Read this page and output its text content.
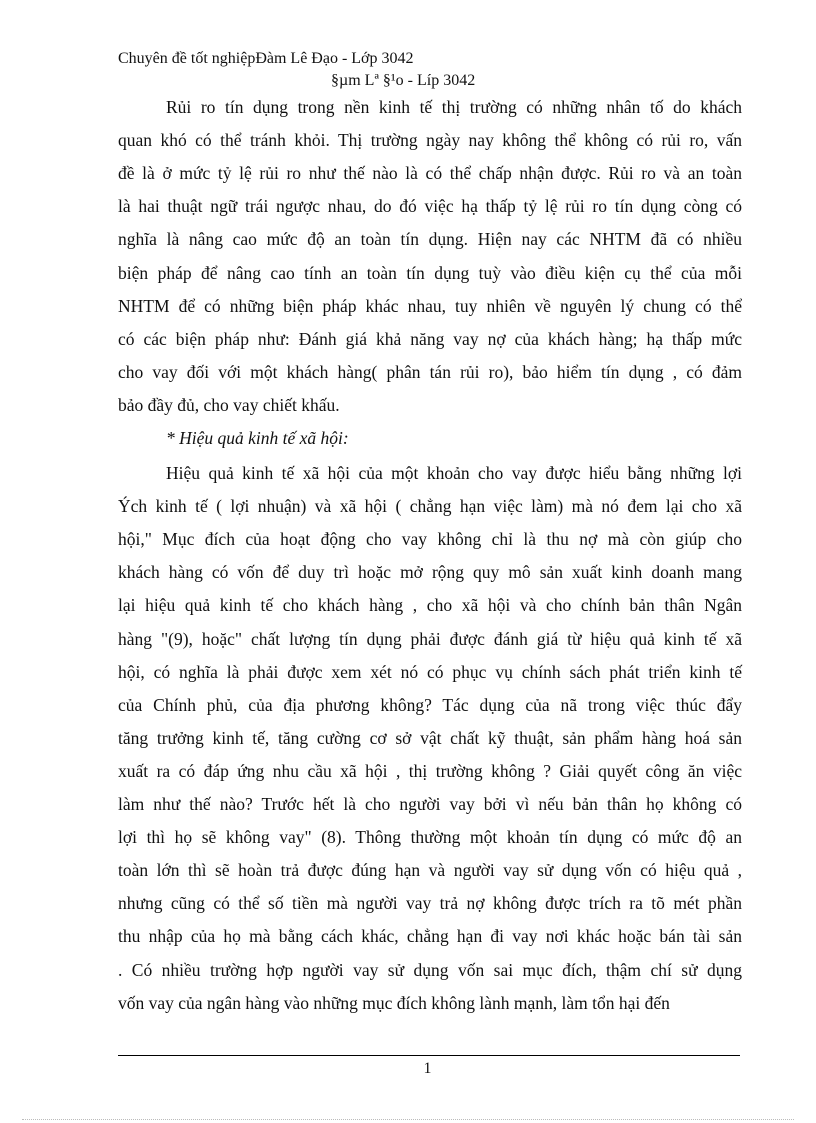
Chuyên đề tốt nghiệpĐàm Lê Đạo - Lớp 3042
§µm Lª §¹o - Líp 3042
Rủi ro tín dụng trong nền kinh tế thị trường có những nhân tố do khách
quan khó có thể tránh khỏi. Thị trường ngày nay không thể không có rủi ro, vấn
đề là ở mức tỷ lệ rủi ro như thế nào là có thể chấp nhận được. Rủi ro và an toàn
là hai thuật ngữ trái ngược nhau, do đó việc hạ thấp tỷ lệ rủi ro tín dụng còng có
nghĩa là nâng cao mức độ an toàn tín dụng. Hiện nay các NHTM đã có nhiều
biện pháp để nâng cao tính an toàn tín dụng tuỳ vào điều kiện cụ thể của mỗi
NHTM để có những biện pháp khác nhau, tuy nhiên về nguyên lý chung có thể
có các biện pháp như: Đánh giá khả năng vay nợ của khách hàng; hạ thấp mức
cho vay đối với một khách hàng( phân tán rủi ro), bảo hiểm tín dụng , có đảm
bảo đầy đủ, cho vay chiết khấu.
* Hiệu quả kinh tế xã hội:
Hiệu quả kinh tế xã hội của một khoản cho vay được hiểu bằng những lợi
Ých kinh tế ( lợi nhuận) và xã hội ( chẳng hạn việc làm) mà nó đem lại cho xã
hội," Mục đích của hoạt động cho vay không chỉ là thu nợ mà còn giúp cho
khách hàng có vốn để duy trì hoặc mở rộng quy mô sản xuất kinh doanh mang
lại hiệu quả kinh tế cho khách hàng , cho xã hội và cho chính bản thân Ngân
hàng "(9), hoặc" chất lượng tín dụng phải được đánh giá từ hiệu quả kinh tế xã
hội, có nghĩa là phải được xem xét nó có phục vụ chính sách phát triển kinh tế
của Chính phủ, của địa phương không? Tác dụng của nã trong việc thúc đẩy
tăng trưởng kinh tế, tăng cường cơ sở vật chất kỹ thuật, sản phẩm hàng hoá sản
xuất ra có đáp ứng nhu cầu xã hội , thị trường không ? Giải quyết công ăn việc
làm như thế nào? Trước hết là cho người vay bởi vì nếu bản thân họ không có
lợi thì họ sẽ không vay" (8). Thông thường một khoản tín dụng có mức độ an
toàn lớn thì sẽ hoàn trả được đúng hạn và người vay sử dụng vốn có hiệu quả ,
nhưng cũng có thể số tiền mà người vay trả nợ không được trích ra tõ mét phần
thu nhập của họ mà bằng cách khác, chẳng hạn đi vay nơi khác hoặc bán tài sản
. Có nhiều trường hợp người vay sử dụng vốn sai mục đích, thậm chí sử dụng
vốn vay của ngân hàng vào những mục đích không lành mạnh, làm tổn hại đến
1
